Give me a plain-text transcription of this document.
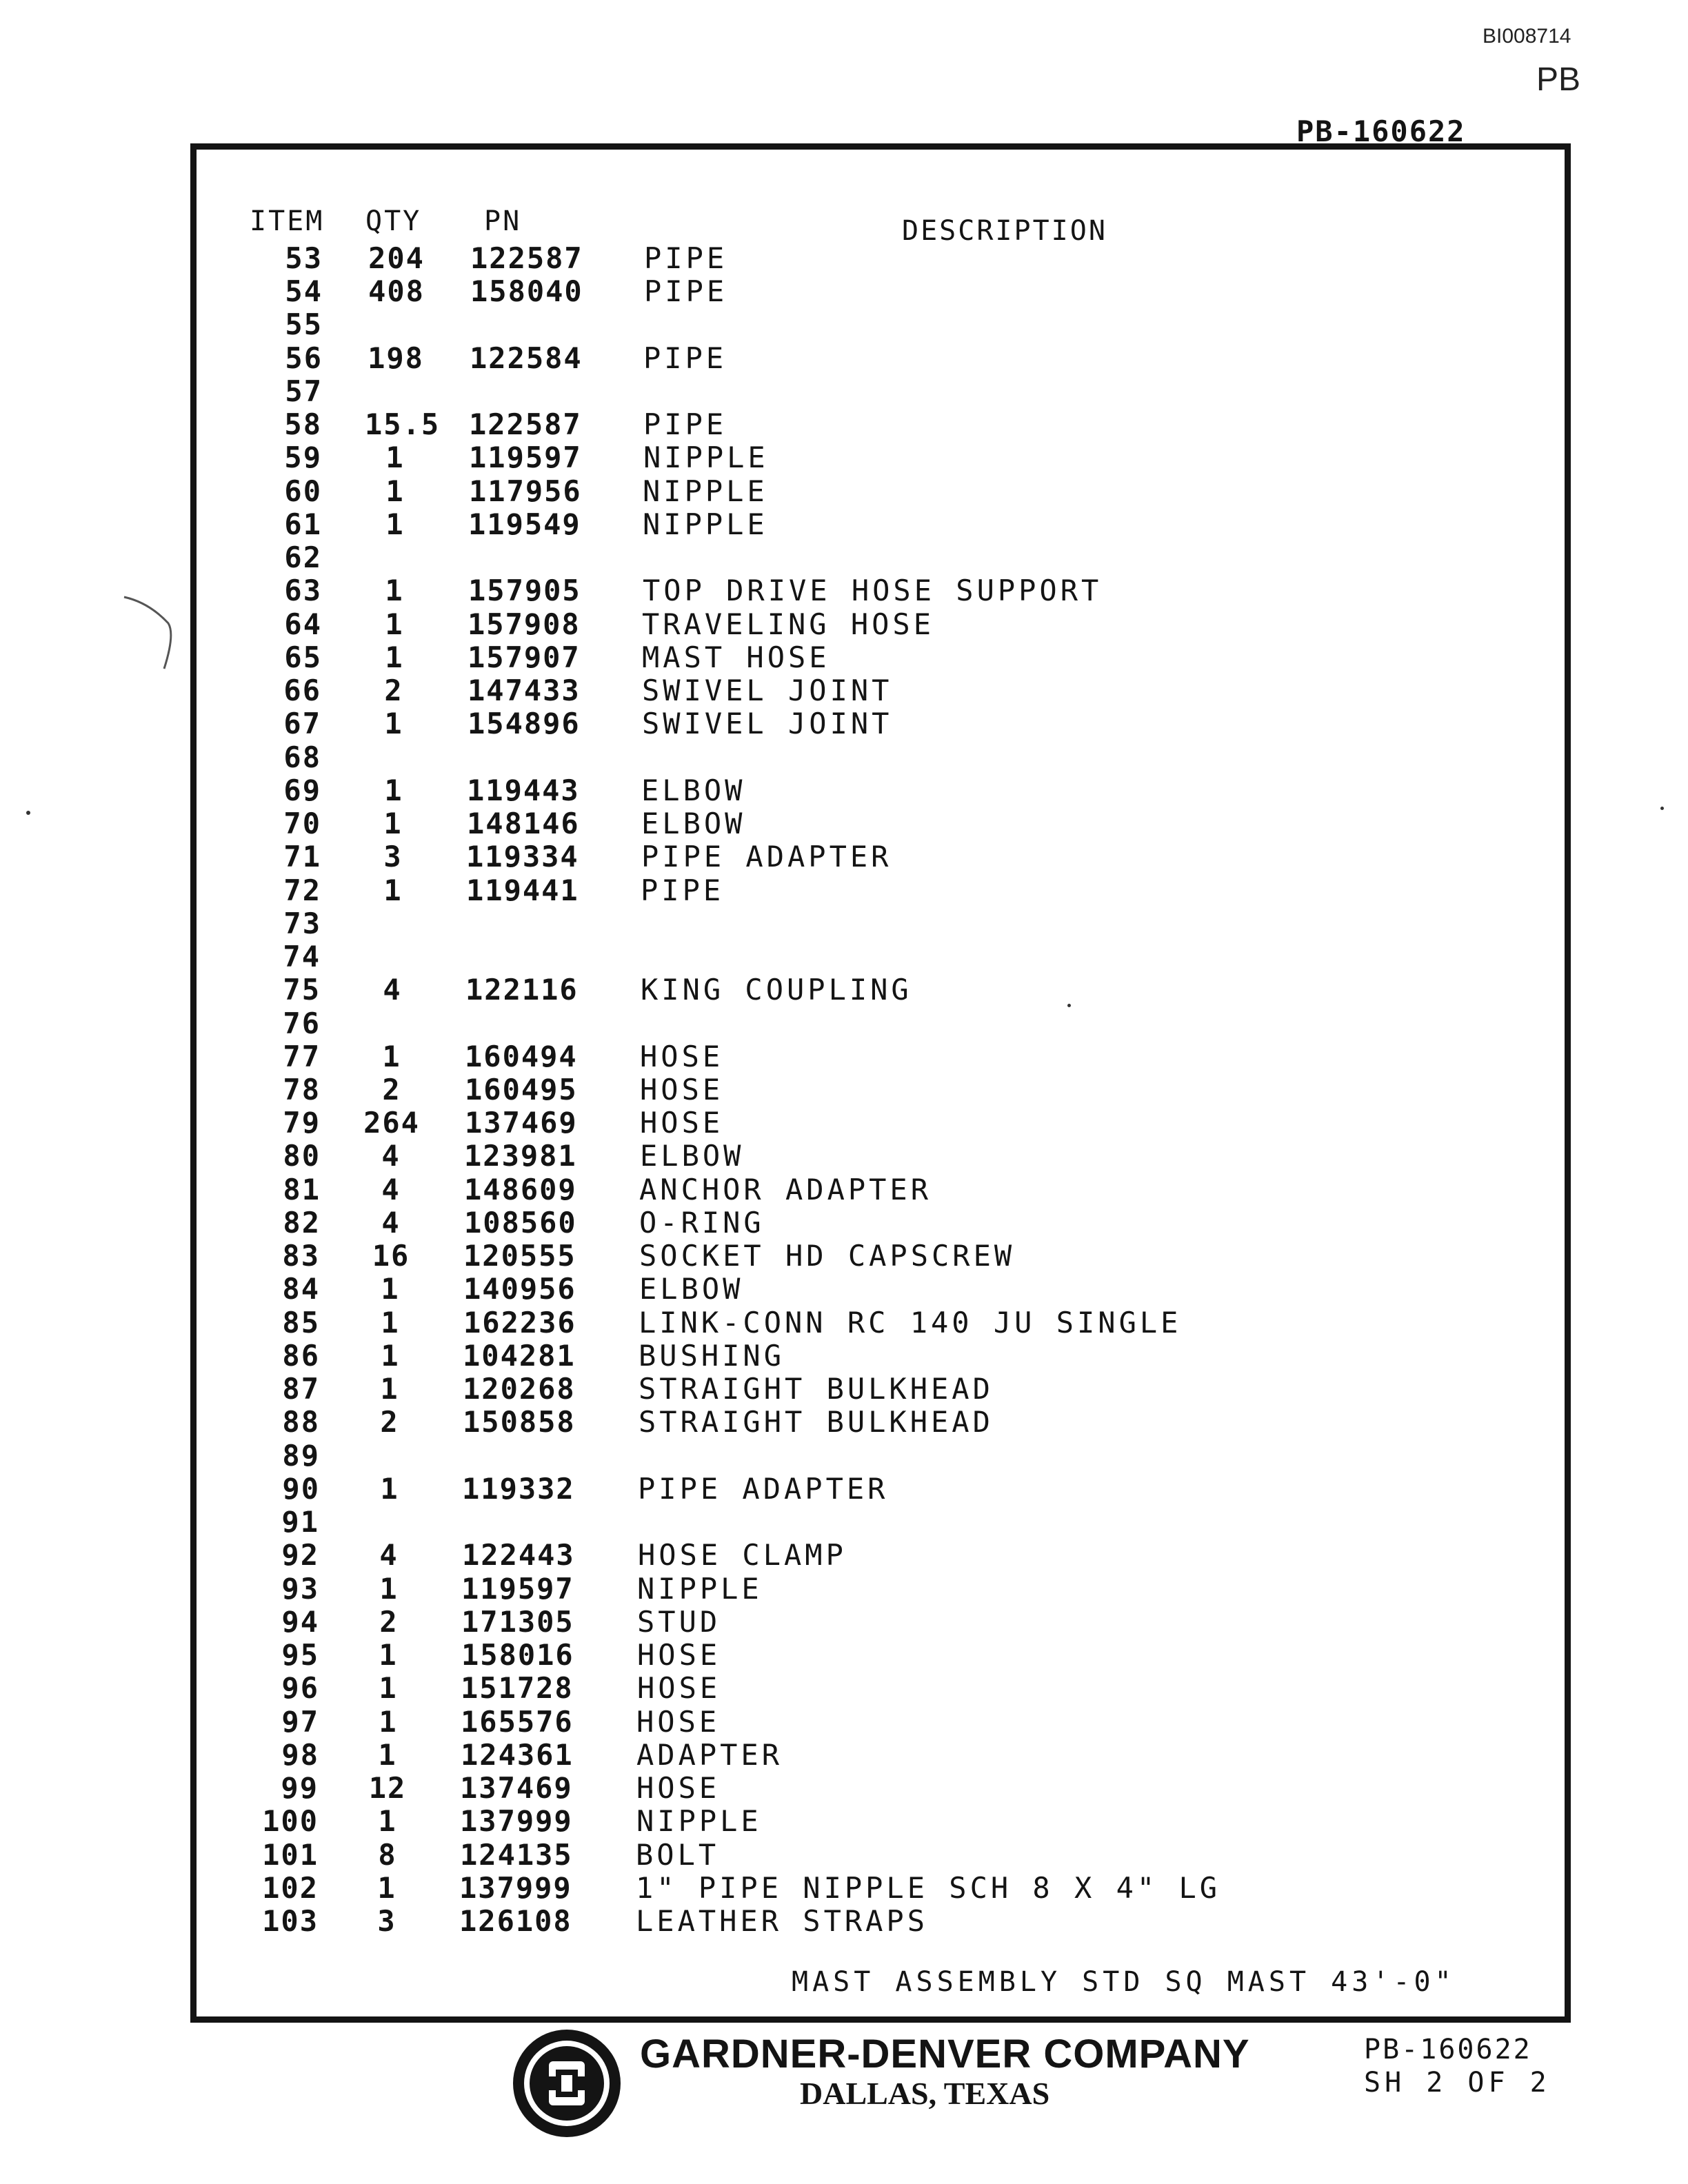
BI008714
PB
PB-160622
ITEM QTY PN	DESCRIPTION
53 204 122587 PIPE
54 408 158040 PIPE
55
56 198 122584 PIPE
57
58 15.5 122587 PIPE
59	1	119597 NIPPLE
60	1	117956 NIPPLE
61	1	119549 NIPPLE
62
63	1	157905 TOP DRIVE HOSE SUPPORT
64	1	157908 TRAVELING HOSE
65	1	157907 MAST HOSE
66	2	147433 SWIVEL JOINT
67	1	154896 SWIVEL JOINT
68
69	1	119443 ELBOW
70	1	148146 ELBOW
71	3	119334 PIPE ADAPTER
72	1	119441 PIPE
73
74
75	4	122116 KING COUPLING
76
77	1	160494 HOSE
78	2	160495 HOSE
79 264 137469 HOSE
80	4	123981 ELBOW
81	4	148609 ANCHOR ADAPTER
82	4	108560 O-RING
83	16	120555 SOCKET HD CAPSCREW
84	1	140956 ELBOW
85	1	162236 LINK-CONN RC 140 JU SINGLE
86	1	104281 BUSHING
87	1	120268 STRAIGHT BULKHEAD
88	2	150858 STRAIGHT BULKHEAD
89
90	1	119332 PIPE ADAPTER
91
92	4	122443 HOSE CLAMP
93	1	119597 NIPPLE
94	2	171305 STUD
95	1	158016 HOSE
96	1	151728 HOSE
97	1	165576 HOSE
98	1	124361 ADAPTER
99	12	137469 HOSE
100	1	137999 NIPPLE
101	8	124135 BOLT
102	1	137999 1" PIPE NIPPLE SCH 8 X 4" LG
103	3	126108 LEATHER STRAPS
MAST ASSEMBLY STD SQ MAST 43'-0"
GARDNER-DENVER COMPANY
DALLAS, TEXAS
PB-160622
SH 2 OF 2
